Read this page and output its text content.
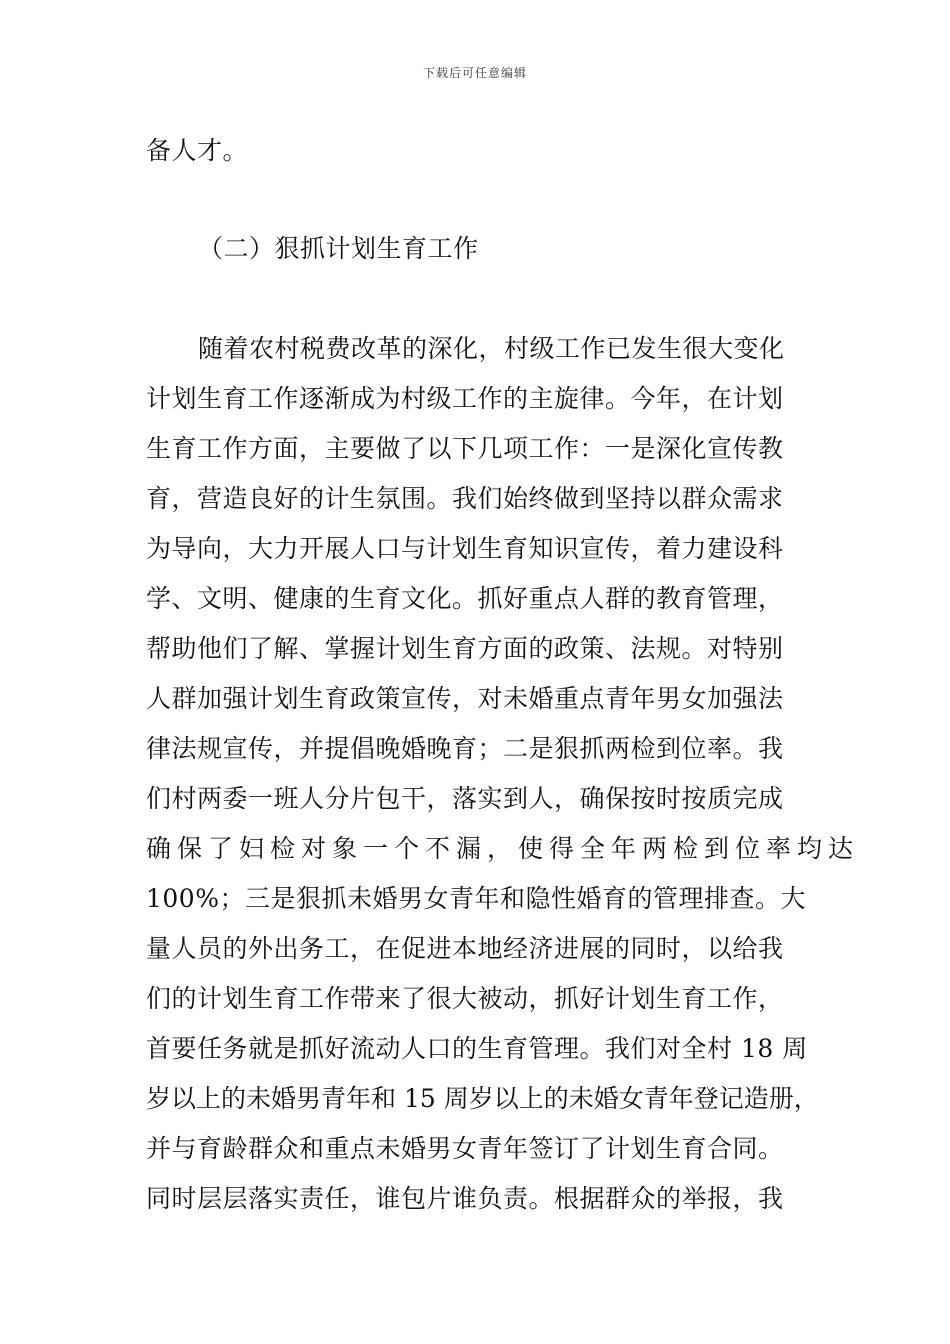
下载后可任意编辑
备人才。
（二）狠抓计划生育工作
随着农村税费改革的深化，村级工作已发生很大变化
计划生育工作逐渐成为村级工作的主旋律。今年，在计划
生育工作方面，主要做了以下几项工作：一是深化宣传教
育，营造良好的计生氛围。我们始终做到坚持以群众需求
为导向，大力开展人口与计划生育知识宣传，着力建设科
学、文明、健康的生育文化。抓好重点人群的教育管理，
帮助他们了解、掌握计划生育方面的政策、法规。对特别
人群加强计划生育政策宣传，对未婚重点青年男女加强法
律法规宣传，并提倡晚婚晚育；二是狠抓两检到位率。我
们村两委一班人分片包干，落实到人，确保按时按质完成
确保了妇检对象一个不漏，使得全年两检到位率均达
100%；三是狠抓未婚男女青年和隐性婚育的管理排查。大
量人员的外出务工，在促进本地经济进展的同时，以给我
们的计划生育工作带来了很大被动，抓好计划生育工作，
首要任务就是抓好流动人口的生育管理。我们对全村 18 周
岁以上的未婚男青年和 15 周岁以上的未婚女青年登记造册，
并与育龄群众和重点未婚男女青年签订了计划生育合同。
同时层层落实责任，谁包片谁负责。根据群众的举报，我
